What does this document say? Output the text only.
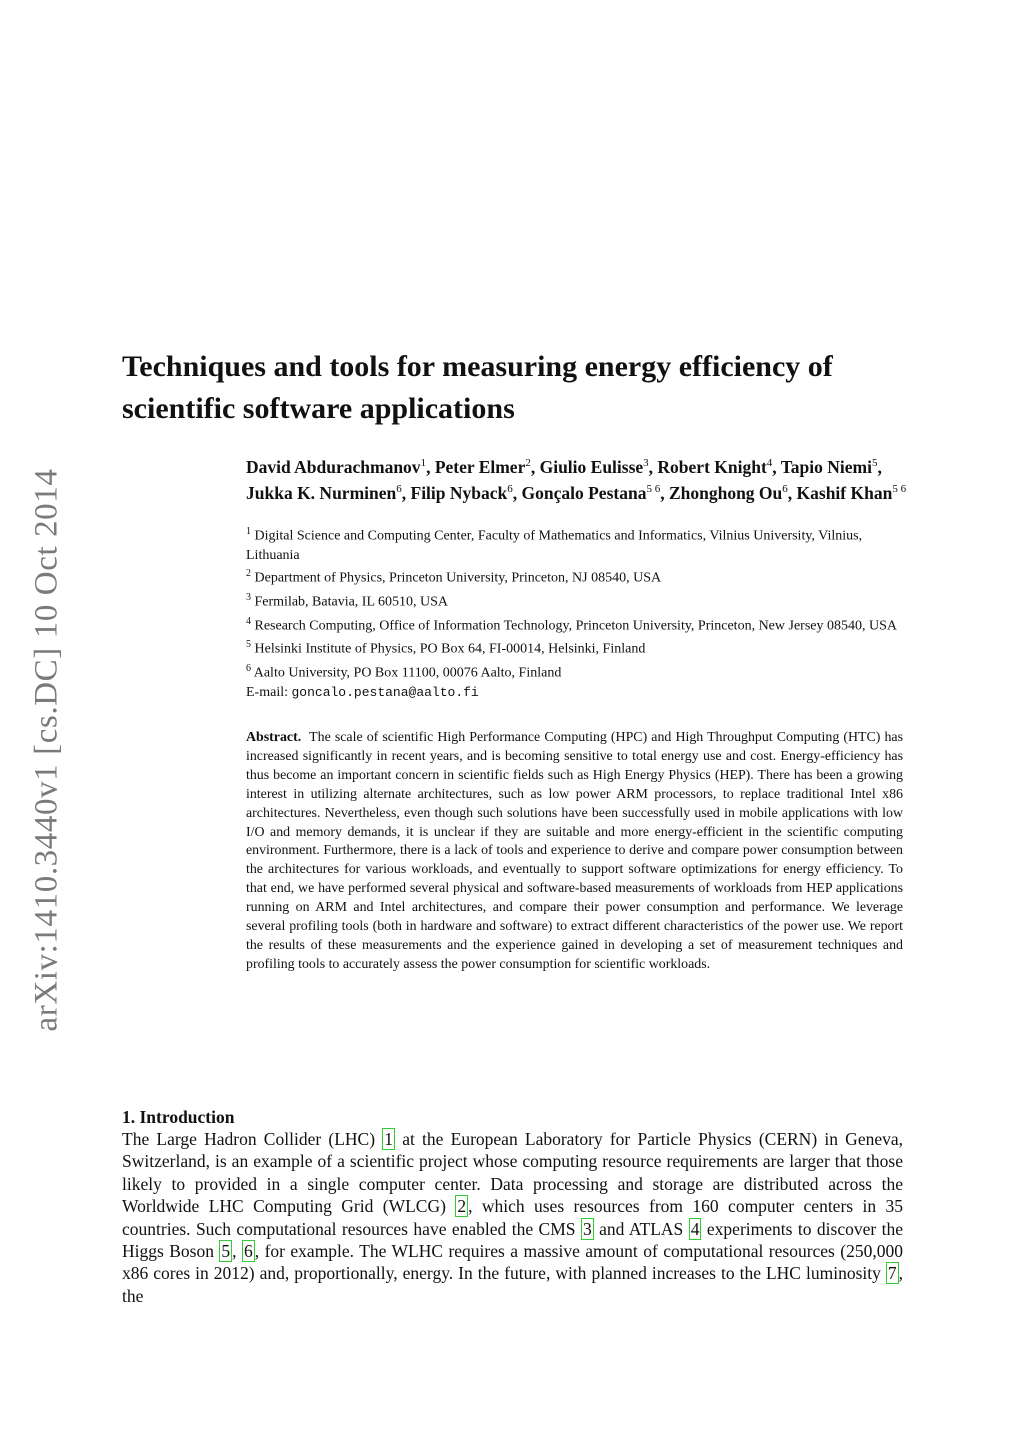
arXiv:1410.3440v1 [cs.DC] 10 Oct 2014
Techniques and tools for measuring energy efficiency of scientific software applications

David Abdurachmanov$^1$, Peter Elmer$^2$, Giulio Eulisse$^3$, Robert Knight$^4$, Tapio Niemi$^5$, Jukka K. Nurminen$^6$, Filip Nyback$^6$, Gonçalo Pestana$^{5 6}$, Zhonghong Ou$^6$, Kashif Khan$^{5 6}$

$^1$ Digital Science and Computing Center, Faculty of Mathematics and Informatics, Vilnius University, Vilnius, Lithuania

$^2$ Department of Physics, Princeton University, Princeton, NJ 08540, USA

$^3$ Fermilab, Batavia, IL 60510, USA

$^4$ Research Computing, Office of Information Technology, Princeton University, Princeton, New Jersey 08540, USA

$^5$ Helsinki Institute of Physics, PO Box 64, FI-00014, Helsinki, Finland

$^6$ Aalto University, PO Box 11100, 00076 Aalto, Finland

E-mail: goncalo.pestana@aalto.fi

Abstract. The scale of scientific High Performance Computing (HPC) and High Throughput Computing (HTC) has increased significantly in recent years, and is becoming sensitive to total energy use and cost. Energy-efficiency has thus become an important concern in scientific fields such as High Energy Physics (HEP). There has been a growing interest in utilizing alternate architectures, such as low power ARM processors, to replace traditional Intel x86 architectures. Nevertheless, even though such solutions have been successfully used in mobile applications with low I/O and memory demands, it is unclear if they are suitable and more energy-efficient in the scientific computing environment. Furthermore, there is a lack of tools and experience to derive and compare power consumption between the architectures for various workloads, and eventually to support software optimizations for energy efficiency. To that end, we have performed several physical and software-based measurements of workloads from HEP applications running on ARM and Intel architectures, and compare their power consumption and performance. We leverage several profiling tools (both in hardware and software) to extract different characteristics of the power use. We report the results of these measurements and the experience gained in developing a set of measurement techniques and profiling tools to accurately assess the power consumption for scientific workloads.

1. Introduction

The Large Hadron Collider (LHC) 1 at the European Laboratory for Particle Physics (CERN) in Geneva, Switzerland, is an example of a scientific project whose computing resource requirements are larger that those likely to provided in a single computer center. Data processing and storage are distributed across the Worldwide LHC Computing Grid (WLCG) 2 , which uses resources from 160 computer centers in 35 countries. Such computational resources have enabled the CMS 3 and ATLAS 4 experiments to discover the Higgs Boson 5 , 6 , for example. The WLHC requires a massive amount of computational resources (250,000 x86 cores in 2012) and, proportionally, energy. In the future, with planned increases to the LHC luminosity 7 , the
